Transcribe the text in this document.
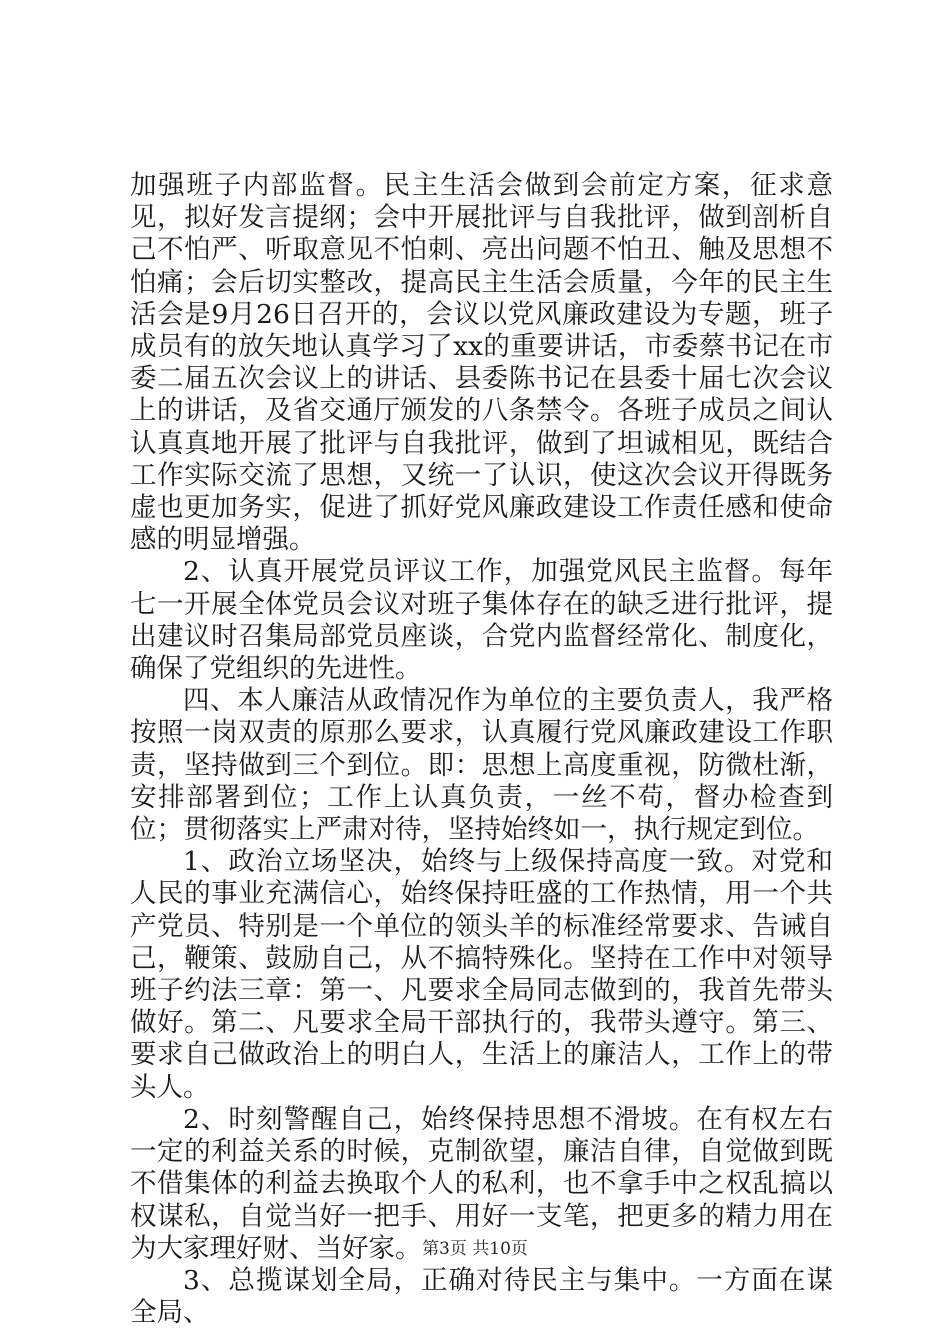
加强班子内部监督。民主生活会做到会前定方案，征求意见，拟好发言提纲；会中开展批评与自我批评，做到剖析自己不怕严、听取意见不怕刺、亮出问题不怕丑、触及思想不怕痛；会后切实整改，提高民主生活会质量，今年的民主生活会是9月26日召开的，会议以党风廉政建设为专题，班子成员有的放矢地认真学习了xx的重要讲话，市委蔡书记在市委二届五次会议上的讲话、县委陈书记在县委十届七次会议上的讲话，及省交通厅颁发的八条禁令。各班子成员之间认认真真地开展了批评与自我批评，做到了坦诚相见，既结合工作实际交流了思想，又统一了认识，使这次会议开得既务虚也更加务实，促进了抓好党风廉政建设工作责任感和使命感的明显增强。

2、认真开展党员评议工作，加强党风民主监督。每年七一开展全体党员会议对班子集体存在的缺乏进行批评，提出建议时召集局部党员座谈，合党内监督经常化、制度化，确保了党组织的先进性。

四、本人廉洁从政情况作为单位的主要负责人，我严格按照一岗双责的原那么要求，认真履行党风廉政建设工作职责，坚持做到三个到位。即：思想上高度重视，防微杜渐，安排部署到位；工作上认真负责，一丝不苟，督办检查到位；贯彻落实上严肃对待，坚持始终如一，执行规定到位。

1、政治立场坚决，始终与上级保持高度一致。对党和人民的事业充满信心，始终保持旺盛的工作热情，用一个共产党员、特别是一个单位的领头羊的标准经常要求、告诫自己，鞭策、鼓励自己，从不搞特殊化。坚持在工作中对领导班子约法三章：第一、凡要求全局同志做到的，我首先带头做好。第二、凡要求全局干部执行的，我带头遵守。第三、要求自己做政治上的明白人，生活上的廉洁人，工作上的带头人。

2、时刻警醒自己，始终保持思想不滑坡。在有权左右一定的利益关系的时候，克制欲望，廉洁自律，自觉做到既不借集体的利益去换取个人的私利，也不拿手中之权乱搞以权谋私，自觉当好一把手、用好一支笔，把更多的精力用在为大家理好财、当好家。

3、总揽谋划全局，正确对待民主与集中。一方面在谋全局、

第3页 共10页
